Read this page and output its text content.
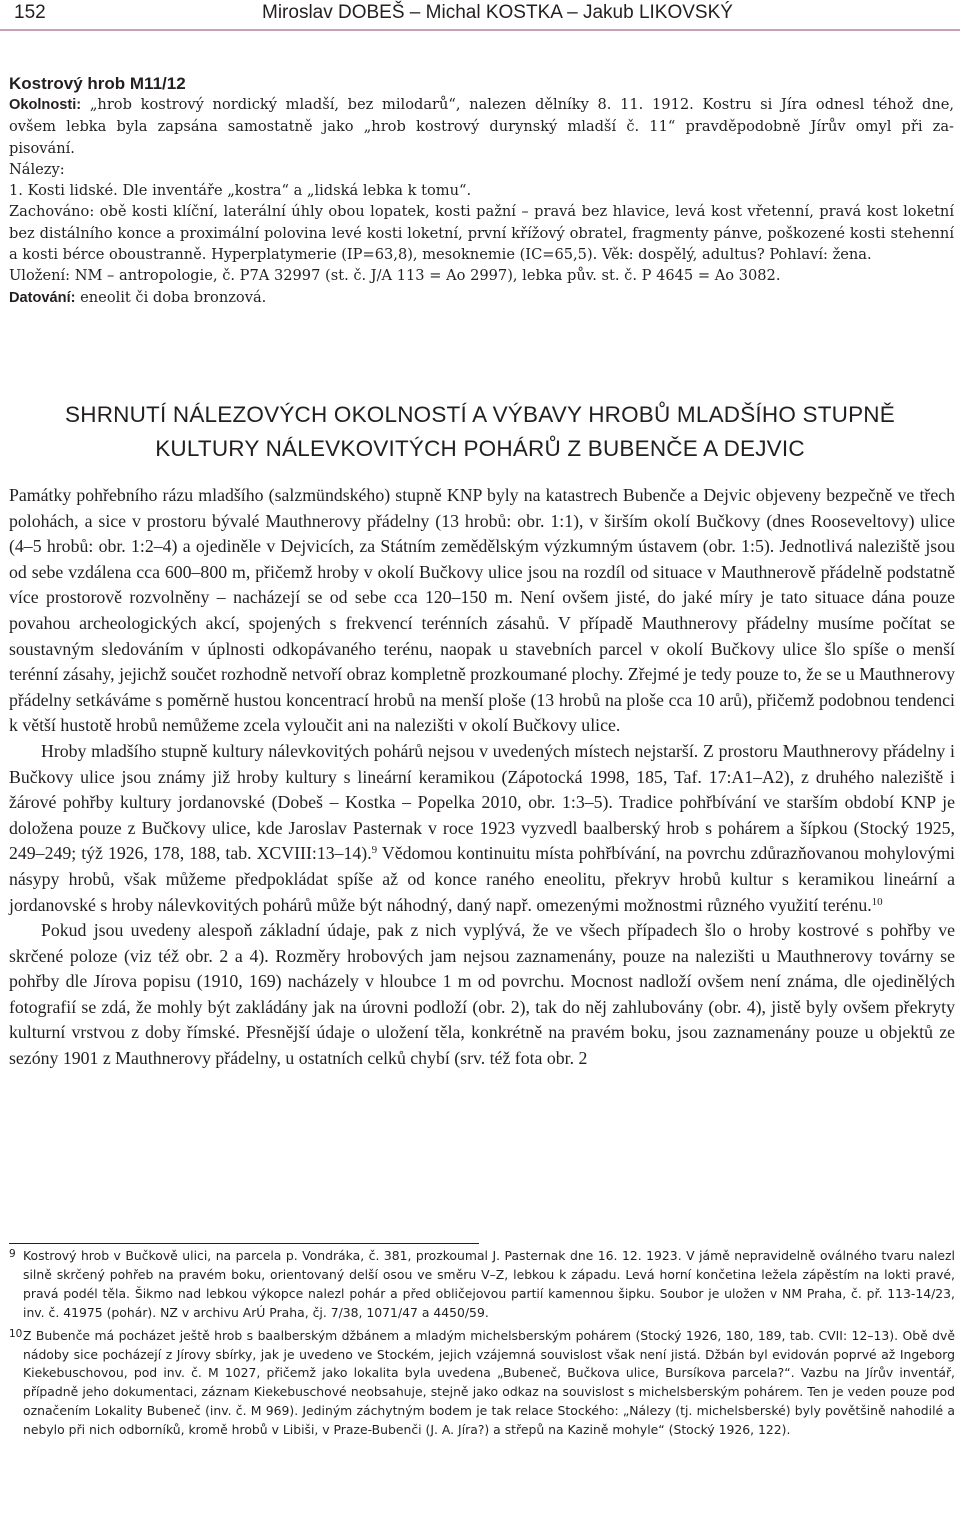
152	Miroslav DOBEŠ – Michal KOSTKA – Jakub LIKOVSKÝ

Kostrový hrob M11/12

Okolnosti: „hrob kostrový nordický mladší, bez milodarů“, nalezen dělníky 8. 11. 1912. Kostru si Jíra odnesl téhož dne,

ovšem lebka byla zapsána samostatně jako „hrob kostrový durynský mladší č. 11“ pravděpodobně Jírův omyl při za-

pisování.

Nálezy:

1. Kosti lidské. Dle inventáře „kostra“ a „lidská lebka k tomu“.

Zachováno: obě kosti klíční, laterální úhly obou lopatek, kosti pažní – pravá bez hlavice, levá kost vřetenní, pravá kost loketní bez distálního konce a proximální polovina levé kosti loketní, první křížový obratel, fragmenty pánve, poškozené kosti stehenní a kosti bérce oboustranně. Hyperplatymerie (IP=63,8), mesoknemie (IC=65,5). Věk: dospělý, adultus? Pohlaví: žena.

Uložení: NM – antropologie, č. P7A 32997 (st. č. J/A 113 = Ao 2997), lebka pův. st. č. P 4645 = Ao 3082.

Datování: eneolit či doba bronzová.

SHRNUTÍ NÁLEZOVÝCH OKOLNOSTÍ A VÝBAVY HROBŮ MLADŠÍHO STUPNĚ
KULTURY NÁLEVKOVITÝCH POHÁRŮ Z BUBENČE A DEJVIC

Památky pohřebního rázu mladšího (salzmündského) stupně KNP byly na katastrech Bubenče a Dejvic objeveny bezpečně ve třech polohách, a sice v prostoru bývalé Mauthnerovy přádelny (13 hrobů: obr. 1:1), v širším okolí Bučkovy (dnes Rooseveltovy) ulice (4–5 hrobů: obr. 1:2–4) a ojediněle v Dejvicích, za Státním zemědělským výzkumným ústavem (obr. 1:5). Jednotlivá naleziště jsou od sebe vzdálena cca 600–800 m, přičemž hroby v okolí Bučkovy ulice jsou na rozdíl od situace v Mauthnerově přádelně podstatně více prostorově rozvolněny – nacházejí se od sebe cca 120–150 m. Není ovšem jisté, do jaké míry je tato situace dána pouze povahou archeologických akcí, spojených s frekvencí terénních zásahů. V případě Mauthnerovy přádelny musíme počítat se soustavným sledováním v úplnosti odkopávaného terénu, naopak u stavebních parcel v okolí Bučkovy ulice šlo spíše o menší terénní zásahy, jejichž součet rozhodně netvoří obraz kompletně prozkoumané plochy. Zřejmé je tedy pouze to, že se u Mauthnerovy přádelny setkáváme s poměrně hustou koncentrací hrobů na menší ploše (13 hrobů na ploše cca 10 arů), přičemž podobnou tendenci k větší hustotě hrobů nemůžeme zcela vyloučit ani na nalezišti v okolí Bučkovy ulice.

Hroby mladšího stupně kultury nálevkovitých pohárů nejsou v uvedených místech nejstarší. Z prostoru Mauthnerovy přádelny i Bučkovy ulice jsou známy již hroby kultury s lineární keramikou (Zápotocká 1998, 185, Taf. 17:A1–A2), z druhého naleziště i žárové pohřby kultury jordanovské (Dobeš – Kostka – Popelka 2010, obr. 1:3–5). Tradice pohřbívání ve starším období KNP je doložena pouze z Bučkovy ulice, kde Jaroslav Pasternak v roce 1923 vyzvedl baalberský hrob s pohárem a šípkou (Stocký 1925, 249–249; týž 1926, 178, 188, tab. XCVIII:13–14).$^9$ Vědomou kontinuitu místa pohřbívání, na povrchu zdůrazňovanou mohylovými násypy hrobů, však můžeme předpokládat spíše až od konce raného eneolitu, překryv hrobů kultur s keramikou lineární a jordanovské s hroby nálevkovitých pohárů může být náhodný, daný např. omezenými možnostmi různého využití terénu.$^{10}$

Pokud jsou uvedeny alespoň základní údaje, pak z nich vyplývá, že ve všech případech šlo o hroby kostrové s pohřby ve skrčené poloze (viz též obr. 2 a 4). Rozměry hrobových jam nejsou zaznamenány, pouze na nalezišti u Mauthnerovy továrny se pohřby dle Jírova popisu (1910, 169) nacházely v hloubce 1 m od povrchu. Mocnost nadloží ovšem není známa, dle ojedinělých fotografií se zdá, že mohly být zakládány jak na úrovni podloží (obr. 2), tak do něj zahlubovány (obr. 4), jistě byly ovšem překryty kulturní vrstvou z doby římské. Přesnější údaje o uložení těla, konkrétně na pravém boku, jsou zaznamenány pouze u objektů ze sezóny 1901 z Mauthnerovy přádelny, u ostatních celků chybí (srv. též fota obr. 2

9 Kostrový hrob v Bučkově ulici, na parcela p. Vondráka, č. 381, prozkoumal J. Pasternak dne 16. 12. 1923. V jámě nepravidelně oválného tvaru nalezl silně skrčený pohřeb na pravém boku, orientovaný delší osou ve směru V–Z, lebkou k západu. Levá horní končetina ležela zápěstím na lokti pravé, pravá podél těla. Šikmo nad lebkou výkopce nalezl pohár a před obličejovou partií kamennou šipku. Soubor je uložen v NM Praha, č. př. 113-14/23, inv. č. 41975 (pohár). NZ v archivu ArÚ Praha, čj. 7/38, 1071/47 a 4450/59.

10 Z Bubenče má pocházet ještě hrob s baalberským džbánem a mladým michelsberským pohárem (Stocký 1926, 180, 189, tab. CVII: 12–13). Obě dvě nádoby sice pocházejí z Jírovy sbírky, jak je uvedeno ve Stockém, jejich vzájemná souvislost však není jistá. Džbán byl evidován poprvé až Ingeborg Kiekebuschovou, pod inv. č. M 1027, přičemž jako lokalita byla uvedena „Bubeneč, Bučkova ulice, Bursíkova parcela?“. Vazbu na Jírův inventář, případně jeho dokumentaci, záznam Kiekebuschové neobsahuje, stejně jako odkaz na souvislost s michelsberským pohárem. Ten je veden pouze pod označením Lokality Bubeneč (inv. č. M 969). Jediným záchytným bodem je tak relace Stockého: „Nálezy (tj. michelsberské) byly povětšině nahodilé a nebylo při nich odborníků, kromě hrobů v Libiši, v Praze-Bubenči (J. A. Jíra?) a střepů na Kazině mohyle“ (Stocký 1926, 122).
